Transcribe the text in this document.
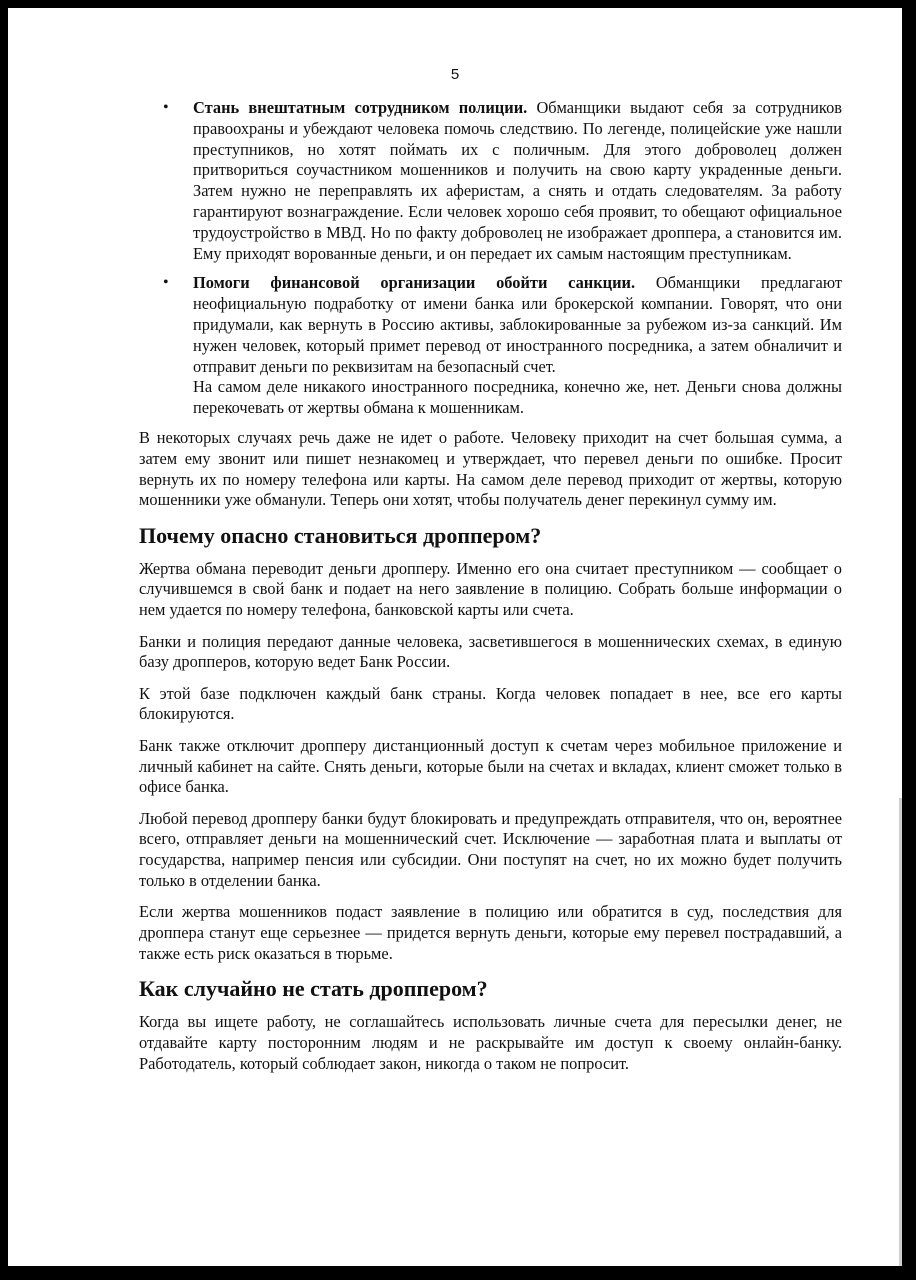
5
• Стань внештатным сотрудником полиции. Обманщики выдают себя за сотрудников правоохраны и убеждают человека помочь следствию. По легенде, полицейские уже нашли преступников, но хотят поймать их с поличным. Для этого доброволец должен притвориться соучастником мошенников и получить на свою карту украденные деньги. Затем нужно не переправлять их аферистам, а снять и отдать следователям. За работу гарантируют вознаграждение. Если человек хорошо себя проявит, то обещают официальное трудоустройство в МВД. Но по факту доброволец не изображает дроппера, а становится им. Ему приходят ворованные деньги, и он передает их самым настоящим преступникам.
• Помоги финансовой организации обойти санкции. Обманщики предлагают неофициальную подработку от имени банка или брокерской компании. Говорят, что они придумали, как вернуть в Россию активы, заблокированные за рубежом из-за санкций. Им нужен человек, который примет перевод от иностранного посредника, а затем обналичит и отправит деньги по реквизитам на безопасный счет.
На самом деле никакого иностранного посредника, конечно же, нет. Деньги снова должны перекочевать от жертвы обмана к мошенникам.

В некоторых случаях речь даже не идет о работе. Человеку приходит на счет большая сумма, а затем ему звонит или пишет незнакомец и утверждает, что перевел деньги по ошибке. Просит вернуть их по номеру телефона или карты. На самом деле перевод приходит от жертвы, которую мошенники уже обманули. Теперь они хотят, чтобы получатель денег перекинул сумму им.

Почему опасно становиться дроппером?

Жертва обмана переводит деньги дропперу. Именно его она считает преступником — сообщает о случившемся в свой банк и подает на него заявление в полицию. Собрать больше информации о нем удается по номеру телефона, банковской карты или счета.

Банки и полиция передают данные человека, засветившегося в мошеннических схемах, в единую базу дропперов, которую ведет Банк России.

К этой базе подключен каждый банк страны. Когда человек попадает в нее, все его карты блокируются.

Банк также отключит дропперу дистанционный доступ к счетам через мобильное приложение и личный кабинет на сайте. Снять деньги, которые были на счетах и вкладах, клиент сможет только в офисе банка.

Любой перевод дропперу банки будут блокировать и предупреждать отправителя, что он, вероятнее всего, отправляет деньги на мошеннический счет. Исключение — заработная плата и выплаты от государства, например пенсия или субсидии. Они поступят на счет, но их можно будет получить только в отделении банка.

Если жертва мошенников подаст заявление в полицию или обратится в суд, последствия для дроппера станут еще серьезнее — придется вернуть деньги, которые ему перевел пострадавший, а также есть риск оказаться в тюрьме.

Как случайно не стать дроппером?

Когда вы ищете работу, не соглашайтесь использовать личные счета для пересылки денег, не отдавайте карту посторонним людям и не раскрывайте им доступ к своему онлайн-банку. Работодатель, который соблюдает закон, никогда о таком не попросит.
